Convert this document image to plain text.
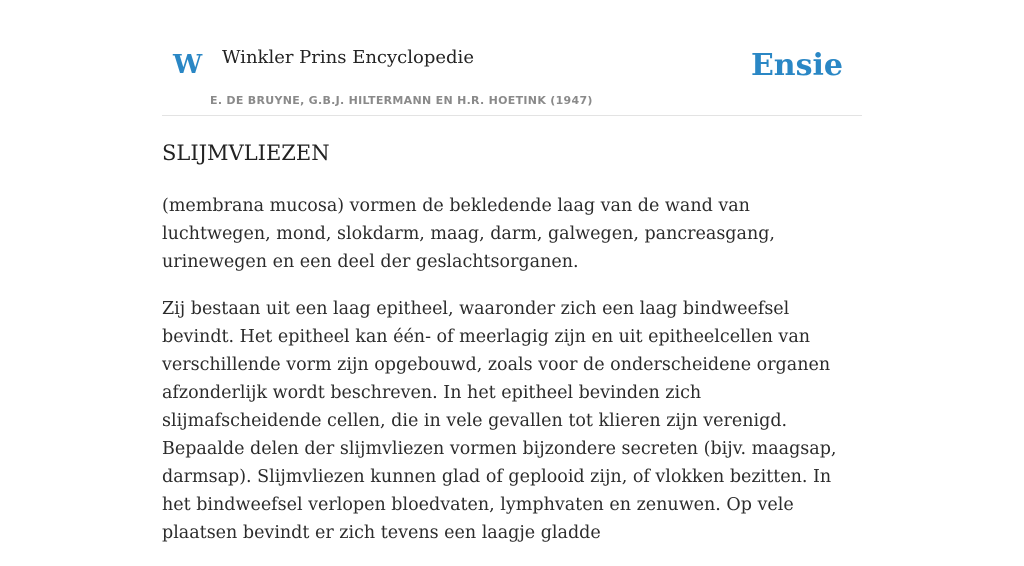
W Winkler Prins Encyclopedie
E. DE BRUYNE, G.B.J. HILTERMANN EN H.R. HOETINK (1947)
Ensie
SLIJMVLIEZEN

(membrana mucosa) vormen de bekledende laag van de wand van luchtwegen, mond, slokdarm, maag, darm, galwegen, pancreasgang, urinewegen en een deel der geslachtsorganen.

Zij bestaan uit een laag epitheel, waaronder zich een laag bindweefsel bevindt. Het epitheel kan één- of meerlagig zijn en uit epitheelcellen van verschillende vorm zijn opgebouwd, zoals voor de onderscheidene organen afzonderlijk wordt beschreven. In het epitheel bevinden zich slijmafscheidende cellen, die in vele gevallen tot klieren zijn verenigd. Bepaalde delen der slijmvliezen vormen bijzondere secreten (bijv. maagsap, darmsap). Slijmvliezen kunnen glad of geplooid zijn, of vlokken bezitten. In het bindweefsel verlopen bloedvaten, lymphvaten en zenuwen. Op vele plaatsen bevindt er zich tevens een laagje gladde
